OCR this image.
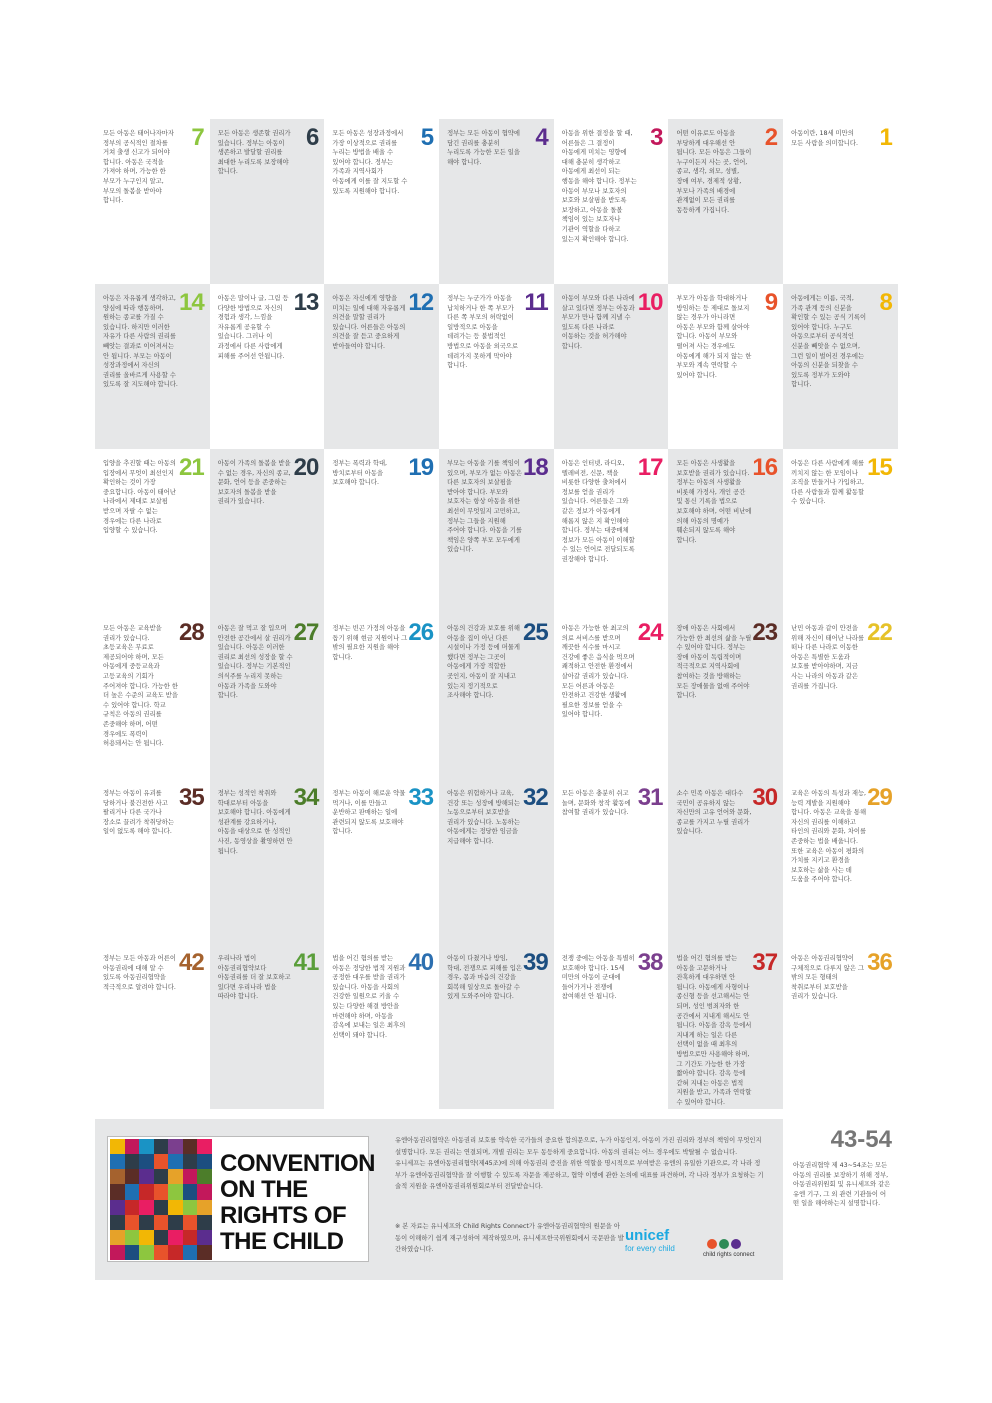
모든 아동은 태어나자마자 정부의 공식적인 절차를 거쳐 출생 신고가 되어야 합니다. 아동은 국적을 가져야 하며, 가능한 한 부모가 누구인지 알고, 부모의 돌봄을 받아야 합니다.
7 모든 아동은 생존할 권리가 있습니다. 정부는 아동이 생존하고 발달할 권리를 최대한 누리도록 보장해야 합니다.
6 모든 아동은 성장과정에서 가장 이상적으로 권리를 누리는 방법을 배울 수 있어야 합니다. 정부는 가족과 지역사회가 아동에게 이를 잘 지도할 수 있도록 지원해야 합니다.
5 정부는 모든 아동이 협약에 담긴 권리를 충분히 누리도록 가능한 모든 일을 해야 합니다.
4 아동을 위한 결정을 할 때, 어른들은 그 결정이 아동에게 미치는 영향에 대해 충분히 생각하고 아동에게 최선이 되는 행동을 해야 합니다. 정부는 아동이 부모나 보호자의 보호와 보살핌을 받도록 보장하고, 아동을 돌볼 책임이 있는 보호자나 기관이 역할을 다하고 있는지 확인해야 합니다.
3 어떤 이유로도 아동을 부당하게 대우해선 안 됩니다. 모든 아동은 그들이 누구이든지 사는 곳, 언어, 종교, 생각, 외모, 성별, 장애 여부, 경제적 상황, 부모나 가족의 배경에 관계없이 모든 권리를 동등하게 가집니다.
2 아동이란, 18세 미만의 모든 사람을 의미합니다. 1
아동은 자유롭게 생각하고, 양심에 따라 행동하며, 원하는 종교를 가질 수 있습니다. 하지만 이러한 자유가 다른 사람의 권리를 빼앗는 결과로 이어져서는 안 됩니다. 부모는 아동이 성장과정에서 자신의 권리를 올바르게 사용할 수 있도록 잘 지도해야 합니다.
14 아동은 말이나 글, 그림 등 다양한 방법으로 자신의 경험과 생각, 느낌을 자유롭게 공유할 수 있습니다. 그러나 이 과정에서 다른 사람에게 피해를 주어선 안됩니다.
13 아동은 자신에게 영향을 미치는 일에 대해 자유롭게 의견을 말할 권리가 있습니다. 어른들은 아동의 의견을 잘 듣고 중요하게 받아들여야 합니다.
12 정부는 누군가가 아동을 납치하거나 한 쪽 부모가 다른 쪽 부모의 허락없이 일방적으로 아동을 데려가는 등 불법적인 방법으로 아동을 외국으로 데려가지 못하게 막아야 합니다.
11 아동이 부모와 다른 나라에 살고 있다면 정부는 아동과 부모가 만나 함께 지낼 수 있도록 다른 나라로 이동하는 것을 허가해야 합니다.
10 부모가 아동을 학대하거나 방임하는 등 제대로 돌보지 않는 경우가 아니라면 아동은 부모와 함께 살아야 합니다. 아동이 부모와 떨어져 사는 경우에도 아동에게 해가 되지 않는 한 부모와 계속 연락할 수 있어야 합니다.
9 아동에게는 이름, 국적, 가족 관계 등의 신분을 확인할 수 있는 공식 기록이 있어야 합니다. 누구도 아동으로부터 공식적인 신분을 빼앗을 수 없으며, 그런 일이 벌어진 경우에는 아동의 신분을 되찾을 수 있도록 정부가 도와야 합니다.
8
입양을 추진할 때는 아동의 입장에서 무엇이 최선인지 확인하는 것이 가장 중요합니다. 아동이 태어난 나라에서 제대로 보살핌 받으며 자랄 수 없는 경우에는 다른 나라로 입양할 수 있습니다.
21 아동이 가족의 돌봄을 받을 수 없는 경우, 자신의 종교, 문화, 언어 등을 존중하는 보호자의 돌봄을 받을 권리가 있습니다.
20 정부는 폭력과 학대, 방치로부터 아동을 보호해야 합니다.
19 부모는 아동을 기를 책임이 있으며, 부모가 없는 아동은 다른 보호자의 보살핌을 받아야 합니다. 부모와 보호자는 항상 아동을 위한 최선이 무엇일지 고민하고, 정부는 그들을 지원해 주어야 합니다. 아동을 기를 책임은 양쪽 부모 모두에게 있습니다.
18 아동은 인터넷, 라디오, 텔레비전, 신문, 책을 비롯한 다양한 출처에서 정보를 얻을 권리가 있습니다. 어른들은 그와 같은 정보가 아동에게 해롭지 않은 지 확인해야 합니다. 정부는 대중매체 정보가 모든 아동이 이해할 수 있는 언어로 전달되도록 권장해야 합니다.
17 모든 아동은 사생활을 보호받을 권리가 있습니다. 정부는 아동의 사생활을 비롯해 가정사, 개인 공간 및 통신 기록을 법으로 보호해야 하며, 어떤 비난에 의해 아동의 명예가 훼손되지 않도록 해야 합니다.
16 아동은 다른 사람에게 해를 끼치지 않는 한 모임이나 조직을 만들거나 가입하고, 다른 사람들과 함께 활동할 수 있습니다.
15
모든 아동은 교육받을 권리가 있습니다. 초등교육은 무료로 제공되어야 하며, 모든 아동에게 중등교육과 고등교육의 기회가 주어져야 합니다. 가능한 한 더 높은 수준의 교육도 받을 수 있어야 합니다. 학교 규칙은 아동의 권리를 존중해야 하며, 어떤 경우에도 폭력이 허용돼서는 안 됩니다.
28 아동은 잘 먹고 잘 입으며 안전한 공간에서 살 권리가 있습니다. 아동은 이러한 권리로 최선의 성장을 할 수 있습니다. 정부는 기본적인 의식주를 누리지 못하는 아동과 가족을 도와야 합니다.
27 정부는 빈곤 가정의 아동을 돕기 위해 현금 지원이나 그 밖의 필요한 지원을 해야 합니다.
26 아동의 건강과 보호를 위해 아동을 집이 아닌 다른 시설이나 가정 등에 머물게 했다면 정부는 그곳이 아동에게 가장 적합한 곳인지, 아동이 잘 지내고 있는지 정기적으로 조사해야 합니다.
25 아동은 가능한 한 최고의 의료 서비스를 받으며 깨끗한 식수를 마시고 건강에 좋은 음식을 먹으며 쾌적하고 안전한 환경에서 살아갈 권리가 있습니다. 모든 어른과 아동은 안전하고 건강한 생활에 필요한 정보를 얻을 수 있어야 합니다.
24 장애 아동은 사회에서 가능한 한 최선의 삶을 누릴 수 있어야 합니다. 정부는 장애 아동이 독립적이며 적극적으로 지역사회에 참여하는 것을 방해하는 모든 장애물을 없애 주어야 합니다.
23 난민 아동과 같이 안전을 위해 자신이 태어난 나라를 떠나 다른 나라로 이동한 아동은 특별한 도움과 보호를 받아야하며, 지금 사는 나라의 아동과 같은 권리를 가집니다.
22
정부는 아동이 유괴를 당하거나 불건전한 사고 팔리거나 다른 국가나 장소로 끌려가 착취당하는 일이 없도록 해야 합니다.
35 정부는 성적인 착취와 학대로부터 아동을 보호해야 합니다. 아동에게 성관계를 강요하거나, 아동을 대상으로 한 성적인 사진, 동영상을 촬영하면 안 됩니다.
34 정부는 아동이 해로운 약물 먹거나, 이를 만들고 운반하고 판매하는 일에 관련되지 않도록 보호해야 합니다.
33 아동은 위험하거나 교육, 건강 또는 성장에 방해되는 노동으로부터 보호받을 권리가 있습니다. 노동하는 아동에게는 정당한 임금을 지급해야 합니다.
32 모든 아동은 충분히 쉬고 놀며, 문화와 창작 활동에 참여할 권리가 있습니다.
31 소수 민족 아동은 대다수 국민이 공유하지 않는 자신만의 고유 언어와 문화, 종교를 가지고 누릴 권리가 있습니다.
30 교육은 아동의 특성과 재능, 능력 계발을 지원해야 합니다. 아동은 교육을 통해 자신의 권리를 이해하고 타인의 권리와 문화, 차이를 존중하는 법을 배웁니다. 또한 교육은 아동이 평화의 가치를 지키고 환경을 보호하는 삶을 사는 데 도움을 주어야 합니다.
29
정부는 모든 아동과 어른이 아동권리에 대해 알 수 있도록 아동권리협약을 적극적으로 알려야 합니다.
42 우리나라 법이 아동권리협약보다 아동권리를 더 잘 보호하고 있다면 우리나라 법을 따라야 합니다.
41 법을 어긴 혐의를 받는 아동은 정당한 법적 지원과 공정한 대우를 받을 권리가 있습니다. 아동을 사회의 건강한 일원으로 키울 수 있는 다양한 해결 방안을 마련해야 하며, 아동을 감옥에 보내는 일은 최후의 선택이 돼야 합니다.
40 아동이 다쳤거나 방임, 학대, 전쟁으로 피해를 입은 경우, 몸과 마음의 건강을 회복해 일상으로 돌아갈 수 있게 도와주어야 합니다.
39 전쟁 중에는 아동을 특별히 보호해야 합니다. 15세 미만의 아동이 군대에 들어가거나 전쟁에 참여해선 안 됩니다.
38 법을 어긴 혐의를 받는 아동을 고문하거나 잔혹하게 대우하면 안 됩니다. 아동에게 사형이나 종신형 등을 선고해서는 안 되며, 성인 범죄자와 한 공간에서 지내게 해서도 안 됩니다. 아동을 감옥 등에서 지내게 하는 일은 다른 선택이 없을 때 최후의 방법으로만 사용해야 하며, 그 기간도 가능한 한 가장 짧아야 합니다. 감옥 등에 갇혀 지내는 아동은 법적 지원을 받고, 가족과 연락할 수 있어야 합니다.
37 아동은 아동권리협약이 구체적으로 다루지 않은 그 밖의 모든 형태의 착취로부터 보호받을 권리가 있습니다.
36
CONVENTION
ON THE
RIGHTS OF
THE CHILD

유엔아동권리협약은 아동권리 보호를 약속한 국가들의 중요한 합의문으로, 누가 아동인지, 아동이 가진 권리와 정부의 책임이 무엇인지 설명합니다. 모든 권리는 연결되며, 개별 권리는 모두 동등하게 중요합니다. 아동의 권리는 어느 경우에도 박탈될 수 없습니다.

유니세프는 유엔아동권리협약(제45조)에 의해 아동권리 증진을 위한 역할을 명시적으로 부여받은 유엔의 유일한 기관으로, 각 나라 정부가 유엔아동권리협약을 잘 이행할 수 있도록 자문을 제공하고, 협약 이행에 관한 논의에 대표를 파견하며, 각 나라 정부가 요청하는 기술적 지원을 유엔아동권리위원회로부터 전달받습니다.

※ 본 자료는 유니세프와 Child Rights Connect가 유엔아동권리협약의 원문을 아동이 이해하기 쉽게 재구성하여 제작하였으며, 유니세프한국위원회에서 국문판을 발간하였습니다.
unicef
for every child
child rights connect
43-54
아동권리협약 제 43~54조는 모든 아동의 권리를 보장하기 위해 정부, 아동권리위원회 및 유니세프와 같은 유엔 기구, 그 외 관련 기관들이 어떤 일을 해야하는지 설명합니다.
